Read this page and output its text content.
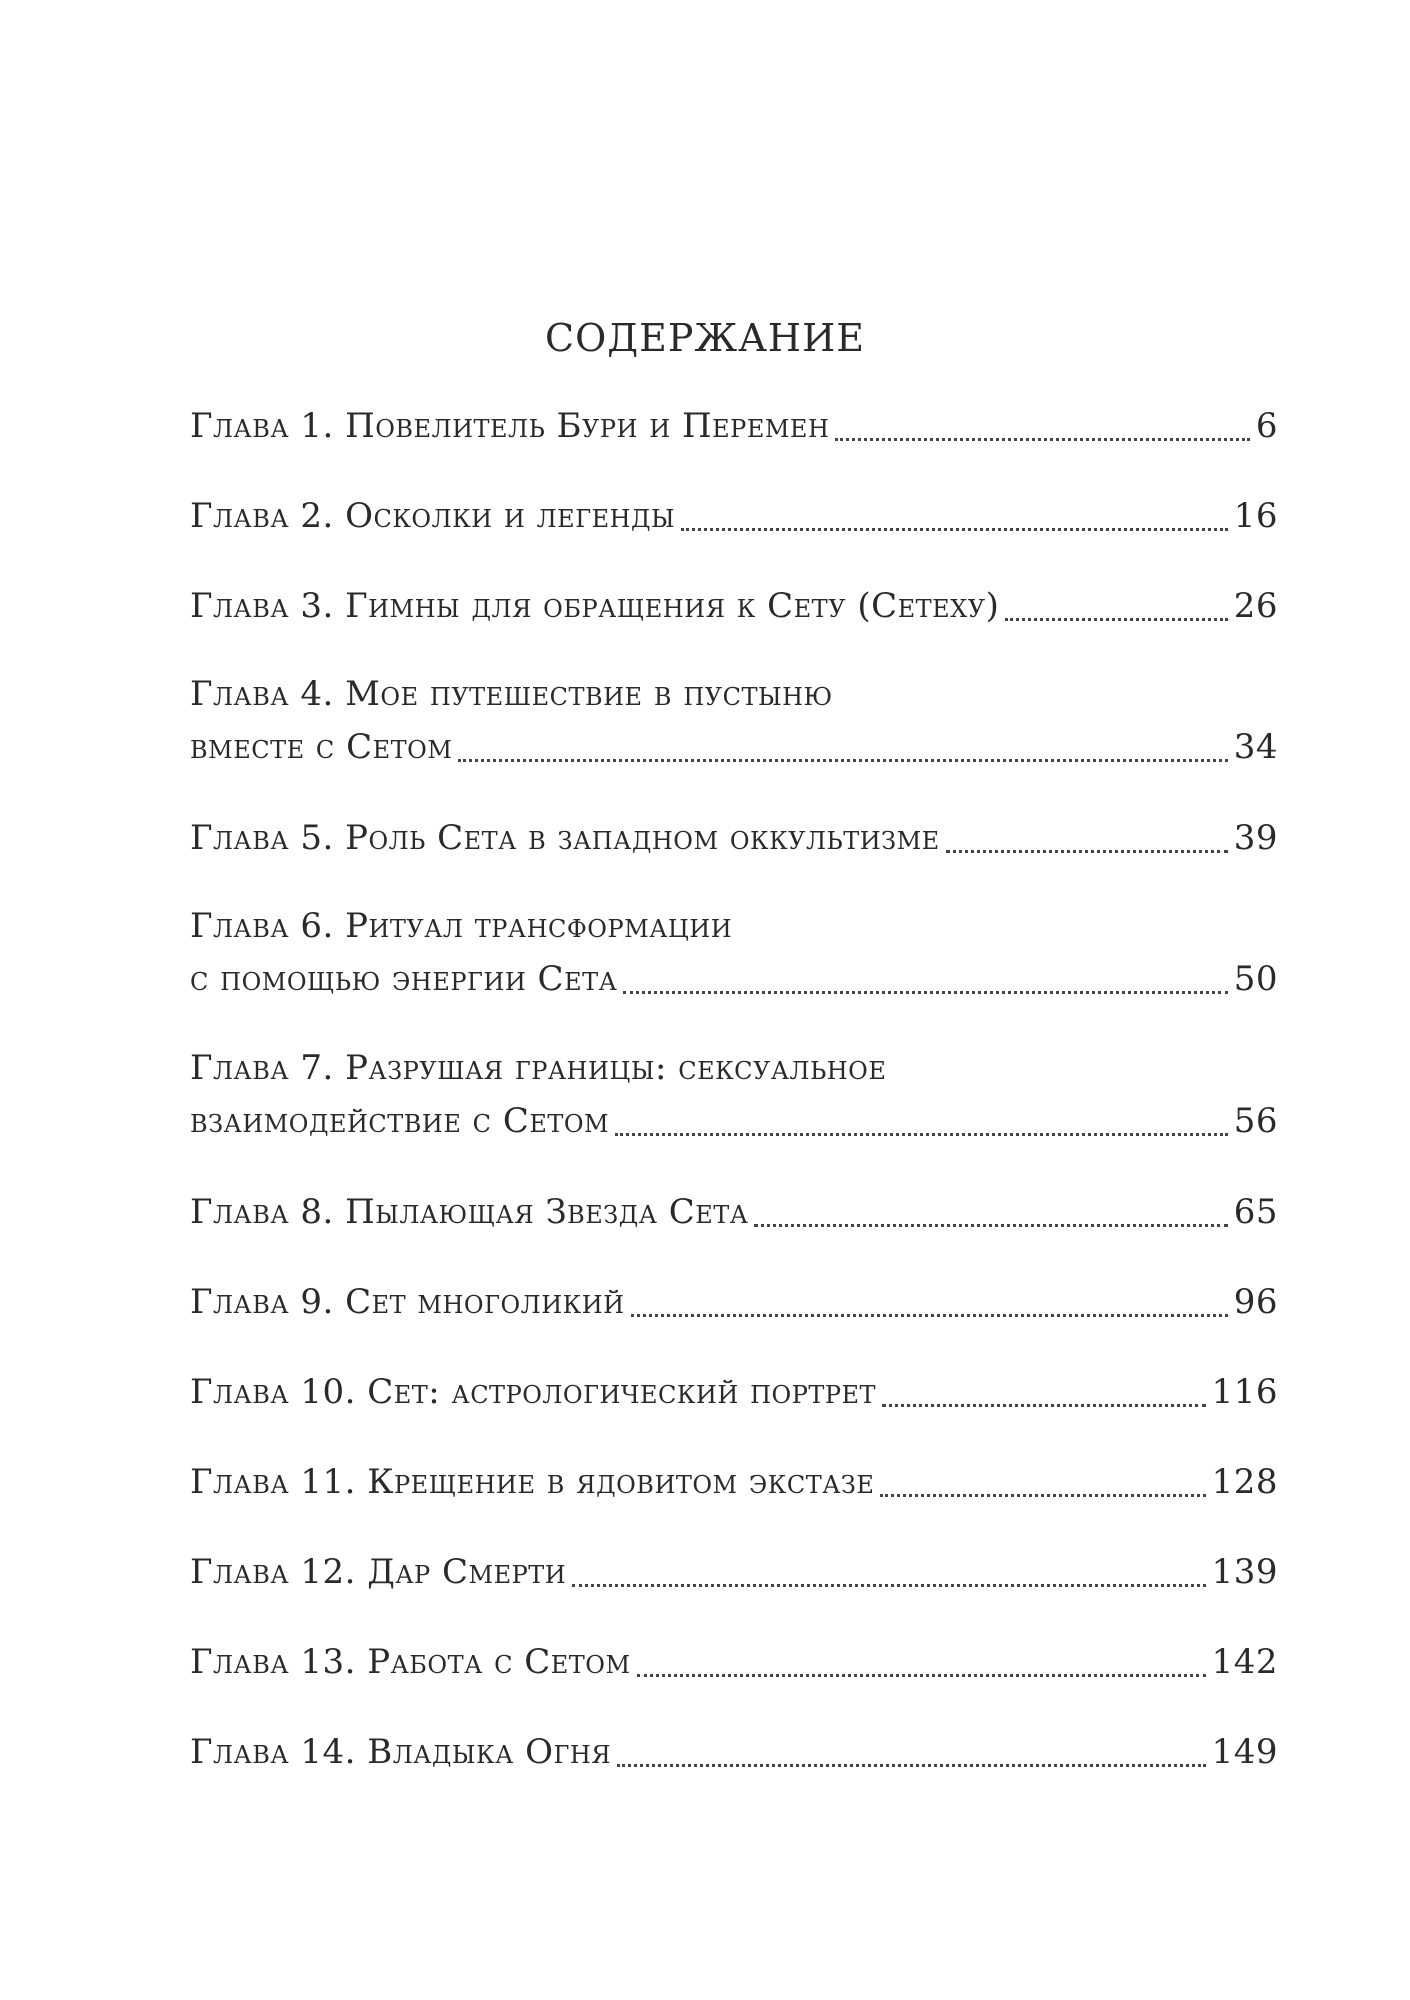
СОДЕРЖАНИЕ
Глава 1. Повелитель Бури и Перемен	6
Глава 2. Осколки и легенды	16
Глава 3. Гимны для обращения к Сету (Сетеху)	26
Глава 4. Мое путешествие в пустыню
вместе с Сетом	34
Глава 5. Роль Сета в западном оккультизме	39
Глава 6. Ритуал трансформации
с помощью энергии Сета	50
Глава 7. Разрушая границы: сексуальное
взаимодействие с Сетом	56
Глава 8. Пылающая Звезда Сета	65
Глава 9. Сет многоликий	96
Глава 10. Сет: астрологический портрет	116
Глава 11. Крещение в ядовитом экстазе	128
Глава 12. Дар Смерти	139
Глава 13. Работа с Сетом	142
Глава 14. Владыка Огня	149
